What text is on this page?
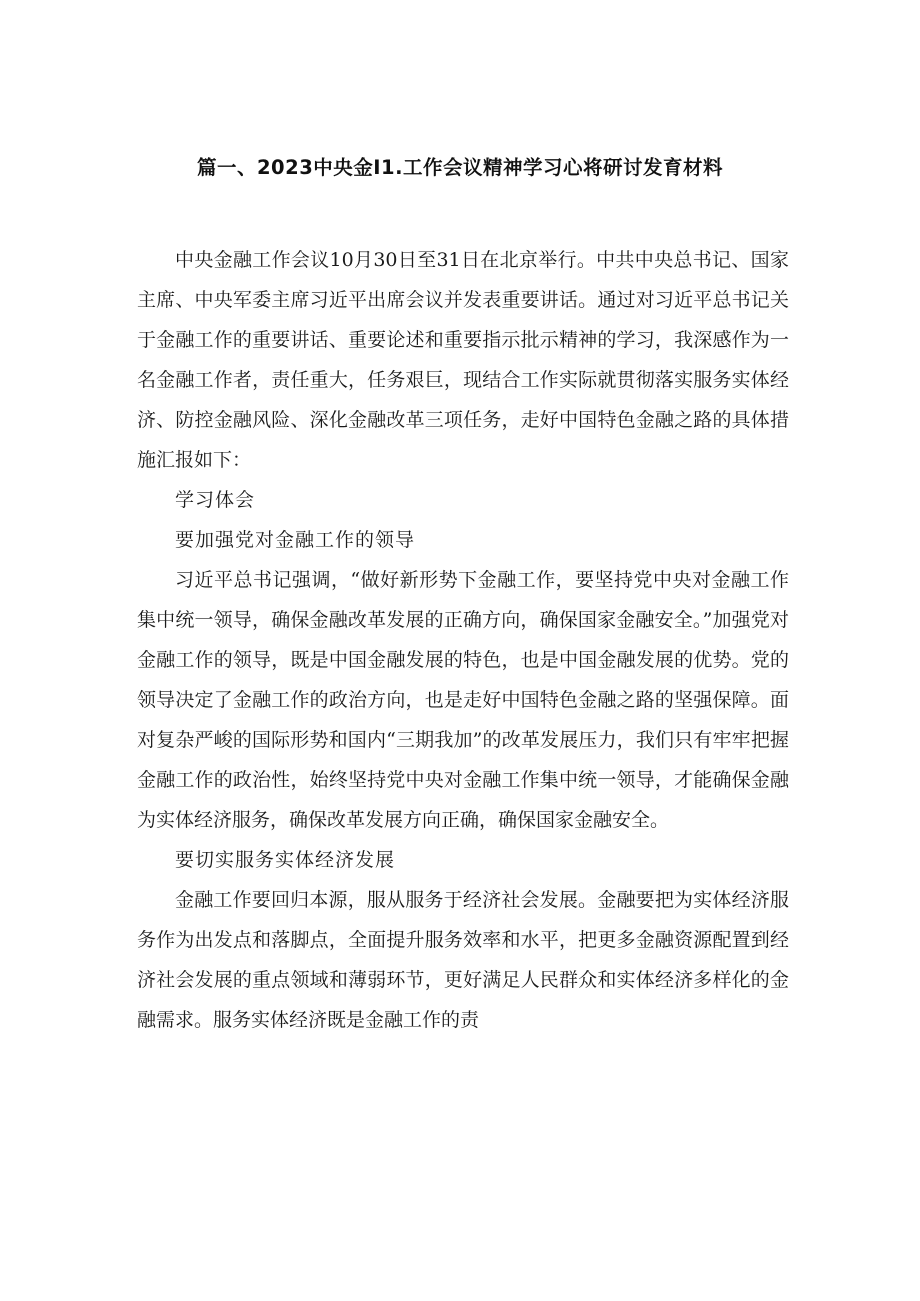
篇一、2023中央金I1.工作会议精神学习心将研讨发育材料

中央金融工作会议10月30日至31日在北京举行。中共中央总书记、国家主席、中央军委主席习近平出席会议并发表重要讲话。通过对习近平总书记关于金融工作的重要讲话、重要论述和重要指示批示精神的学习，我深感作为一名金融工作者，责任重大，任务艰巨，现结合工作实际就贯彻落实服务实体经济、防控金融风险、深化金融改革三项任务，走好中国特色金融之路的具体措施汇报如下：

学习体会

要加强党对金融工作的领导

习近平总书记强调，“做好新形势下金融工作，要坚持党中央对金融工作集中统一领导，确保金融改革发展的正确方向，确保国家金融安全。”加强党对金融工作的领导，既是中国金融发展的特色，也是中国金融发展的优势。党的领导决定了金融工作的政治方向，也是走好中国特色金融之路的坚强保障。面对复杂严峻的国际形势和国内“三期我加”的改革发展压力，我们只有牢牢把握金融工作的政治性，始终坚持党中央对金融工作集中统一领导，才能确保金融为实体经济服务，确保改革发展方向正确，确保国家金融安全。

要切实服务实体经济发展

金融工作要回归本源，服从服务于经济社会发展。金融要把为实体经济服务作为出发点和落脚点，全面提升服务效率和水平，把更多金融资源配置到经济社会发展的重点领域和薄弱环节，更好满足人民群众和实体经济多样化的金融需求。服务实体经济既是金融工作的责
